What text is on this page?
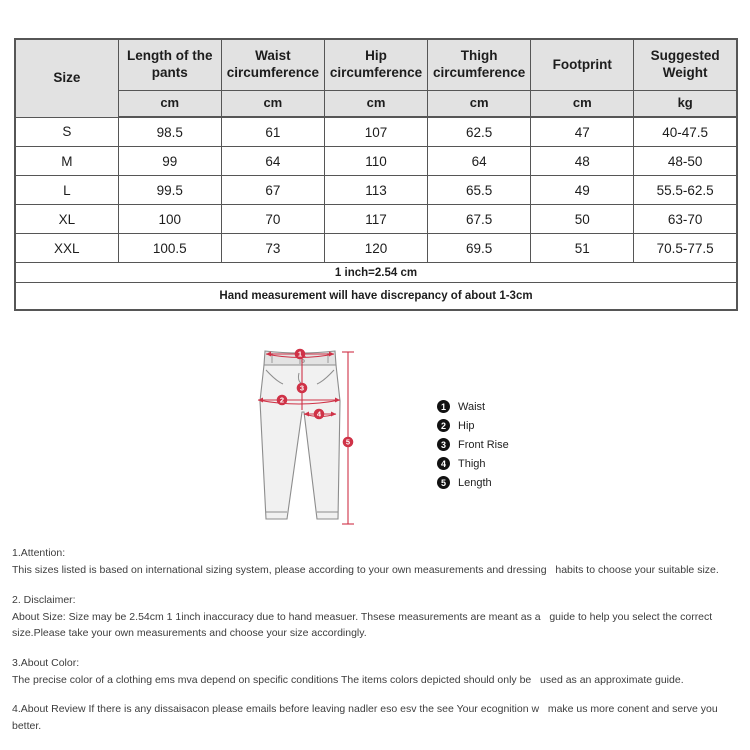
Size	Length of the pants	Waist circumference	Hip circumference	Thigh circumference	Footprint	Suggested Weight
	cm	cm	cm	cm	cm	kg
S	98.5	61	107	62.5	47	40-47.5
M	99	64	110	64	48	48-50
L	99.5	67	113	65.5	49	55.5-62.5
XL	100	70	117	67.5	50	63-70
XXL	100.5	73	120	69.5	51	70.5-77.5
1 inch=2.54 cm						
Hand measurement will have discrepancy of about 1-3cm						
1
3
2
4
5
1	Waist
2	Hip
3	Front Rise
4	Thigh
5	Length
1.Attention:
This sizes listed is based on international sizing system, please according to your own measurements and dressing   habits to choose your suitable size.
2. Disclaimer:
About Size: Size may be 2.54cm 1 1inch inaccuracy due to hand measuer. Thsese measurements are meant as a   guide to help you select the correct size.Please take your own measurements and choose your size accordingly.
3.About Color:
The precise color of a clothing ems mva depend on specific conditions The items colors depicted should only be   used as an approximate guide.
4.About Review If there is any dissaisacon please emails before leaving nadler eso esv the see Your ecognition w   make us more conent and serve you better.
